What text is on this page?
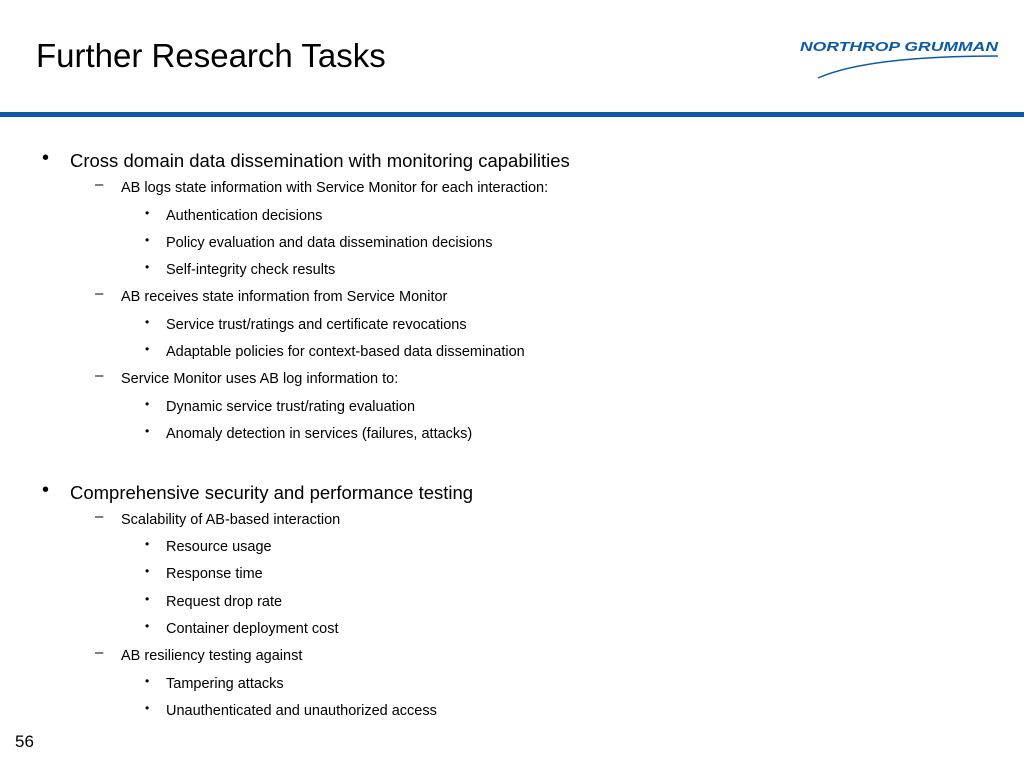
Further Research Tasks	NORTHROP GRUMMAN
• Cross domain data dissemination with monitoring capabilities
– AB logs state information with Service Monitor for each interaction:
• Authentication decisions
• Policy evaluation and data dissemination decisions
• Self-integrity check results
– AB receives state information from Service Monitor
• Service trust/ratings and certificate revocations
• Adaptable policies for context-based data dissemination
– Service Monitor uses AB log information to:
• Dynamic service trust/rating evaluation
• Anomaly detection in services (failures, attacks)
• Comprehensive security and performance testing
– Scalability of AB-based interaction
• Resource usage
• Response time
• Request drop rate
• Container deployment cost
– AB resiliency testing against
• Tampering attacks
• Unauthenticated and unauthorized access
56
